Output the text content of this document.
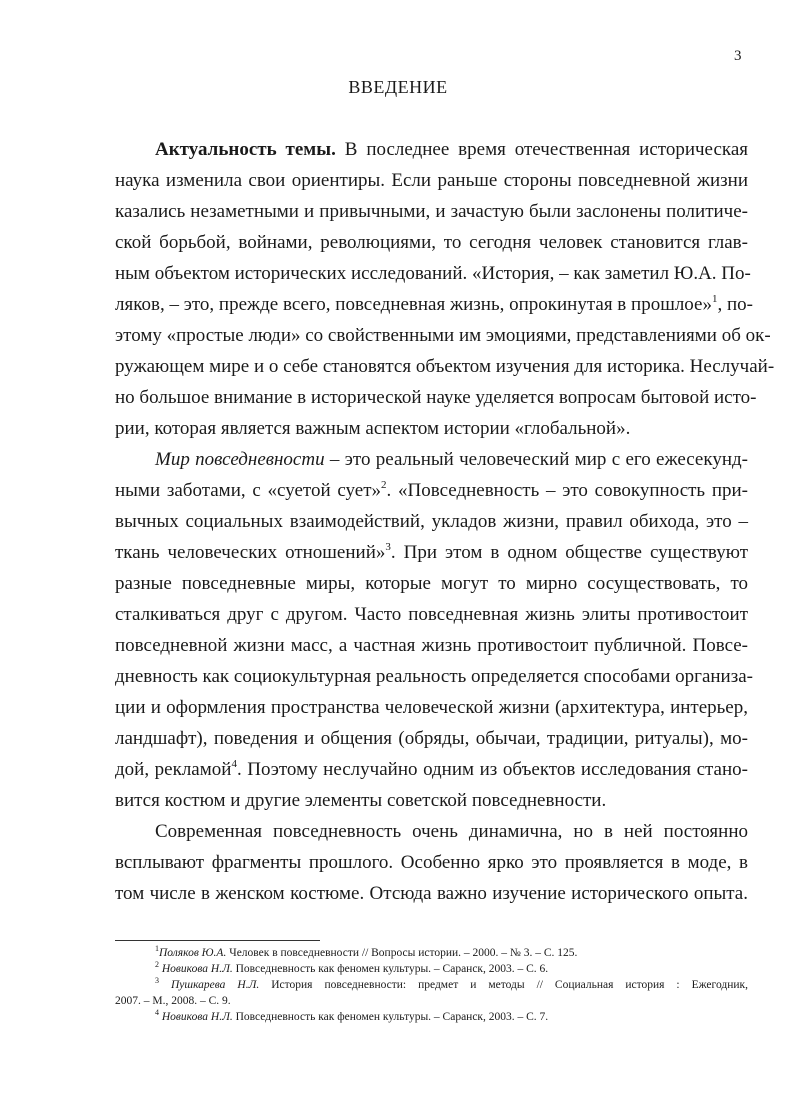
3
ВВЕДЕНИЕ
Актуальность темы. В последнее время отечественная историческая
наука изменила свои ориентиры. Если раньше стороны повседневной жизни
казались незаметными и привычными, и зачастую были заслонены политиче-
ской борьбой, войнами, революциями, то сегодня человек становится глав-
ным объектом исторических исследований. «История, – как заметил Ю.А. По-
ляков, – это, прежде всего, повседневная жизнь, опрокинутая в прошлое»$^1$, по-
этому «простые люди» со свойственными им эмоциями, представлениями об ок-
ружающем мире и о себе становятся объектом изучения для историка. Неслучай-
но большое внимание в исторической науке уделяется вопросам бытовой исто-
рии, которая является важным аспектом истории «глобальной».
Мир повседневности – это реальный человеческий мир с его ежесекунд-
ными заботами, с «суетой сует»$^2$. «Повседневность – это совокупность при-
вычных социальных взаимодействий, укладов жизни, правил обихода, это –
ткань человеческих отношений»$^3$. При этом в одном обществе существуют
разные повседневные миры, которые могут то мирно сосуществовать, то
сталкиваться друг с другом. Часто повседневная жизнь элиты противостоит
повседневной жизни масс, а частная жизнь противостоит публичной. Повсе-
дневность как социокультурная реальность определяется способами организа-
ции и оформления пространства человеческой жизни (архитектура, интерьер,
ландшафт), поведения и общения (обряды, обычаи, традиции, ритуалы), мо-
дой, рекламой$^4$. Поэтому неслучайно одним из объектов исследования стано-
вится костюм и другие элементы советской повседневности.
Современная повседневность очень динамична, но в ней постоянно
всплывают фрагменты прошлого. Особенно ярко это проявляется в моде, в
том числе в женском костюме. Отсюда важно изучение исторического опыта.
$^1$Поляков Ю.А. Человек в повседневности // Вопросы истории. – 2000. – № 3. – С. 125.
$^2$ Новикова Н.Л. Повседневность как феномен культуры. – Саранск, 2003. – С. 6.
$^3$ Пушкарева Н.Л. История повседневности: предмет и методы // Социальная история : Ежегодник,
2007. – М., 2008. – С. 9.
$^4$ Новикова Н.Л. Повседневность как феномен культуры. – Саранск, 2003. – С. 7.
